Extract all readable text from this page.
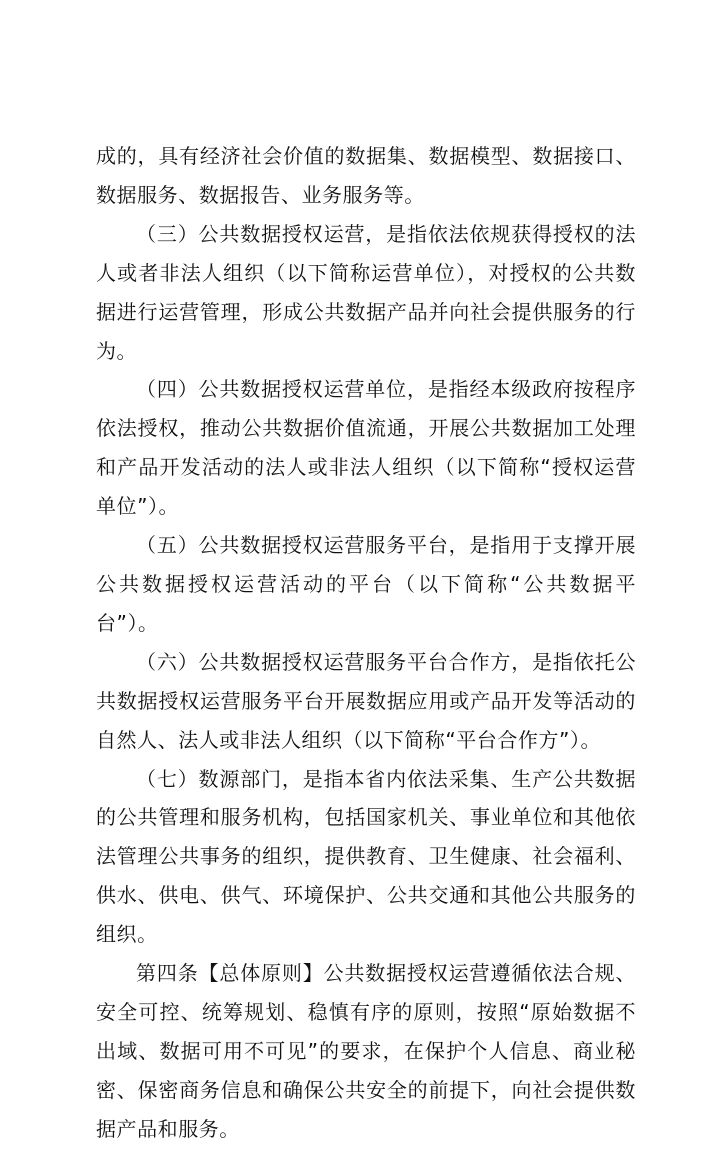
成的，具有经济社会价值的数据集、数据模型、数据接口、数据服务、数据报告、业务服务等。

（三）公共数据授权运营，是指依法依规获得授权的法人或者非法人组织（以下简称运营单位），对授权的公共数据进行运营管理，形成公共数据产品并向社会提供服务的行为。

（四）公共数据授权运营单位，是指经本级政府按程序依法授权，推动公共数据价值流通，开展公共数据加工处理和产品开发活动的法人或非法人组织（以下简称“授权运营单位”）。

（五）公共数据授权运营服务平台，是指用于支撑开展公共数据授权运营活动的平台（以下简称“公共数据平台”）。

（六）公共数据授权运营服务平台合作方，是指依托公共数据授权运营服务平台开展数据应用或产品开发等活动的自然人、法人或非法人组织（以下简称“平台合作方”）。

（七）数源部门，是指本省内依法采集、生产公共数据的公共管理和服务机构，包括国家机关、事业单位和其他依法管理公共事务的组织，提供教育、卫生健康、社会福利、供水、供电、供气、环境保护、公共交通和其他公共服务的组织。

第四条【总体原则】公共数据授权运营遵循依法合规、安全可控、统筹规划、稳慎有序的原则，按照“原始数据不出域、数据可用不可见”的要求，在保护个人信息、商业秘密、保密商务信息和确保公共安全的前提下，向社会提供数据产品和服务。
